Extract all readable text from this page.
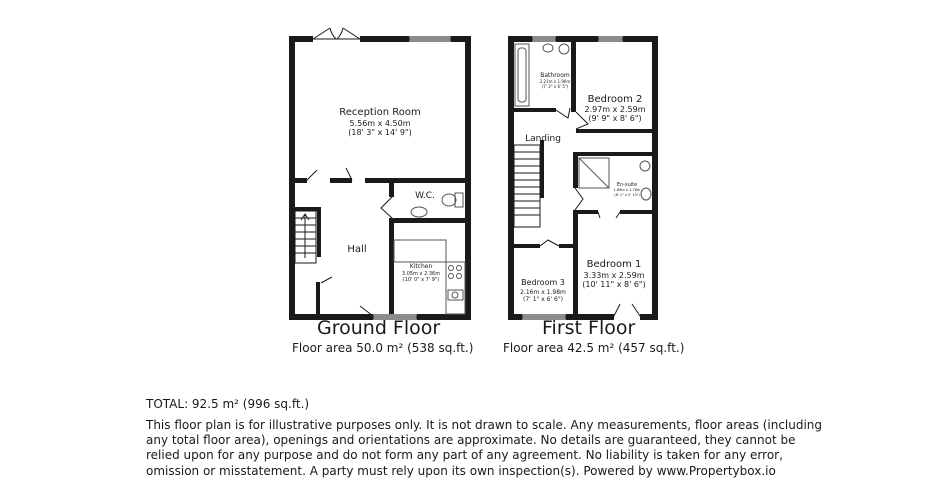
Reception Room
5.56m x 4.50m
(18' 3" x 14' 9")
W.C.
Hall
Kitchen
3.05m x 2.36m
(10' 0" x 7' 9")
Bathroom
2.21m x 1.96m
(7' 3" x 6' 5")
Bedroom 2
2.97m x 2.59m
(9' 9" x 8' 6")
Landing
En-suite
1.86m x 1.78m
(6' 1" x 5' 10")
Bedroom 1
3.33m x 2.59m
(10' 11" x 8' 6")
Bedroom 3
2.16m x 1.98m
(7' 1" x 6' 6")
Ground Floor
Floor area 50.0 m² (538 sq.ft.)
First Floor
Floor area 42.5 m² (457 sq.ft.)
TOTAL: 92.5 m² (996 sq.ft.)
This floor plan is for illustrative purposes only. It is not drawn to scale. Any measurements, floor areas (including any total floor area), openings and orientations are approximate. No details are guaranteed, they cannot be relied upon for any purpose and do not form any part of any agreement. No liability is taken for any error, omission or misstatement. A party must rely upon its own inspection(s). Powered by www.Propertybox.io
